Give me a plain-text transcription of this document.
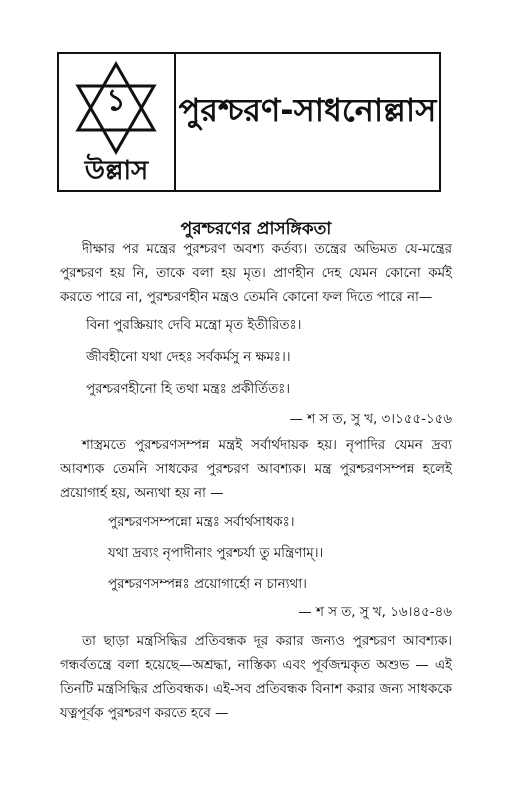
১
উল্লাস
পুরশ্চরণ-সাধনোল্লাস
পুরশ্চরণের প্রাসঙ্গিকতা

দীক্ষার পর মন্ত্রের পুরশ্চরণ অবশ্য কর্তব্য। তন্ত্রের অভিমত যে-মন্ত্রের পুরশ্চরণ হয় নি, তাকে বলা হয় মৃত। প্রাণহীন দেহ যেমন কোনো কর্মই করতে পারে না, পুরশ্চরণহীন মন্ত্রও তেমনি কোনো ফল দিতে পারে না—

বিনা পুরস্ক্রিয়াং দেবি মন্ত্রো মৃত ইতীরিতঃ।
জীবহীনো যথা দেহঃ সর্বকর্মসু ন ক্ষমঃ।।
পুরশ্চরণহীনো হি তথা মন্ত্রঃ প্রকীর্তিতঃ।
— শ স ত, সু খ, ৩।১৫৫-১৫৬

শাস্ত্রমতে পুরশ্চরণসম্পন্ন মন্ত্রই সর্বার্থদায়ক হয়। নৃপাদির যেমন দ্রব্য আবশ্যক তেমনি সাধকের পুরশ্চরণ আবশ্যক। মন্ত্র পুরশ্চরণসম্পন্ন হলেই প্রয়োগার্হ হয়, অন্যথা হয় না —

পুরশ্চরণসম্পন্নো মন্ত্রঃ সর্বার্থসাধকঃ।
যথা দ্রব্যং নৃপাদীনাং পুরশ্চর্যা তু মন্ত্রিণাম্।।
পুরশ্চরণসম্পন্নঃ প্রয়োগার্হো ন চান্যথা।
— শ স ত, সু খ, ১৬।৪৫-৪৬

তা ছাড়া মন্ত্রসিদ্ধির প্রতিবন্ধক দূর করার জন্যও পুরশ্চরণ আবশ্যক। গন্ধর্বতন্ত্রে বলা হয়েছে—অশ্রদ্ধা, নাস্তিক্য এবং পূর্বজন্মকৃত অশুভ — এই তিনটি মন্ত্রসিদ্ধির প্রতিবন্ধক। এই-সব প্রতিবন্ধক বিনাশ করার জন্য সাধককে যত্নপূর্বক পুরশ্চরণ করতে হবে —
